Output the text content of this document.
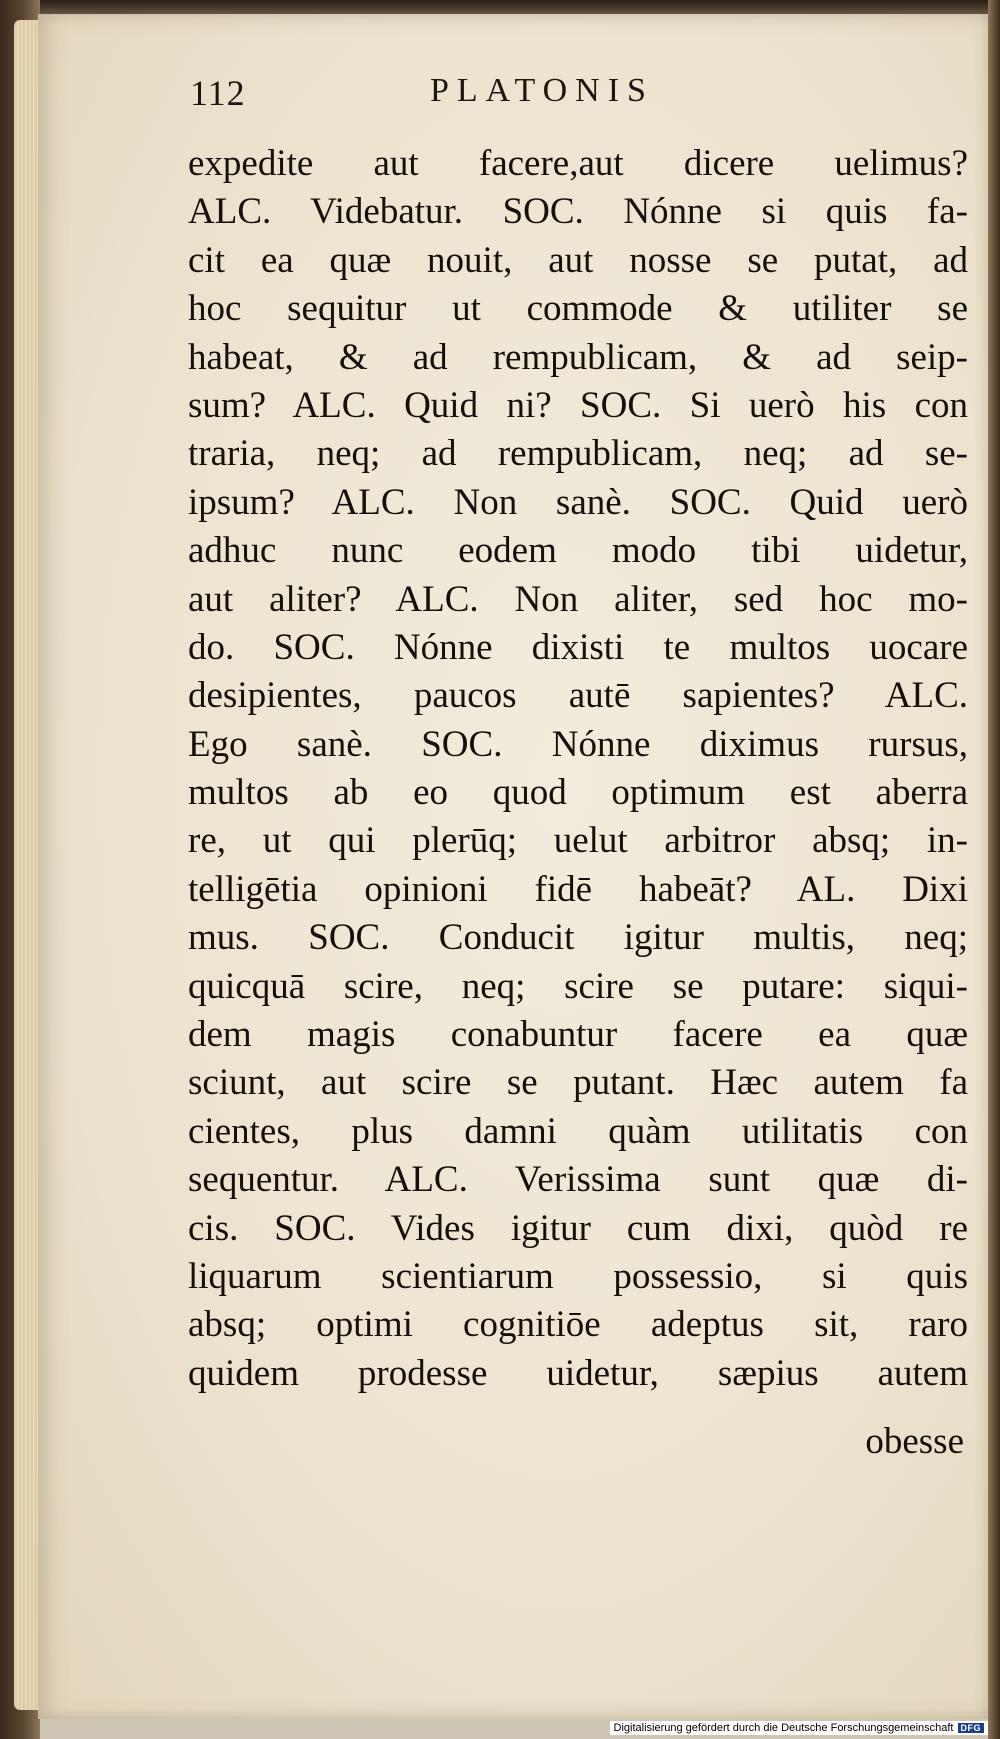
112	PLATONIS
expedite aut facere,aut dicere uelimus?
ALC. Videbatur. SOC. Nónne si quis fa-
cit ea quæ nouit, aut nosse se putat, ad
hoc sequitur ut commode & utiliter se
habeat, & ad rempublicam, & ad seip-
sum? ALC. Quid ni? SOC. Si uerò his con
traria, neq; ad rempublicam, neq; ad se-
ipsum? ALC. Non sanè. SOC. Quid uerò
adhuc nunc eodem modo tibi uidetur,
aut aliter? ALC. Non aliter, sed hoc mo-
do. SOC. Nónne dixisti te multos uocare
desipientes, paucos autē sapientes? ALC.
Ego sanè. SOC. Nónne diximus rursus,
multos ab eo quod optimum est aberra
re, ut qui plerūq; uelut arbitror absq; in-
telligētia opinioni fidē habeāt? AL. Dixi
mus. SOC. Conducit igitur multis, neq;
quicquā scire, neq; scire se putare: siqui-
dem magis conabuntur facere ea quæ
sciunt, aut scire se putant. Hæc autem fa
cientes, plus damni quàm utilitatis con
sequentur. ALC. Verissima sunt quæ di-
cis. SOC. Vides igitur cum dixi, quòd re
liquarum scientiarum possessio, si quis
absq; optimi cognitiōe adeptus sit, raro
quidem prodesse uidetur, sæpius autem
obesse
Digitalisierung gefördert durch die Deutsche Forschungsgemeinschaft DFG
